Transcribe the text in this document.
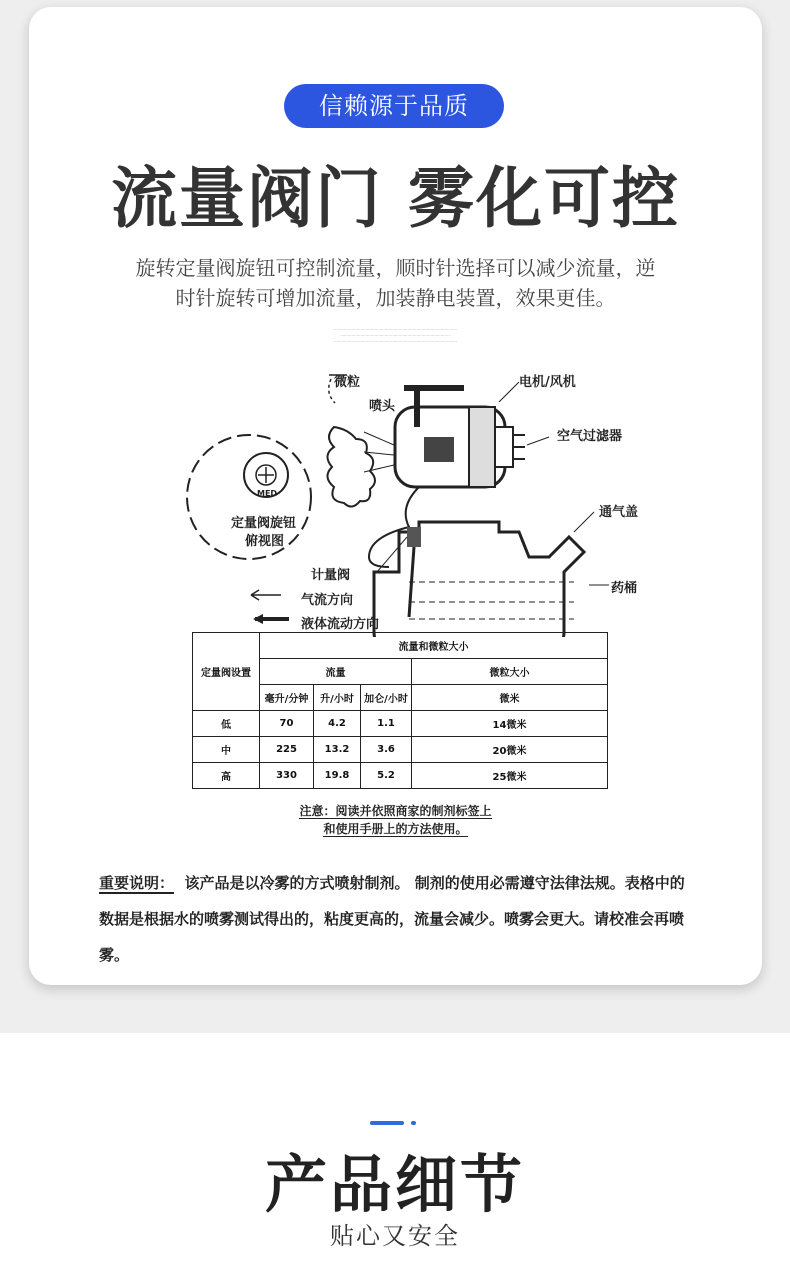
信赖源于品质
流量阀门 雾化可控
旋转定量阀旋钮可控制流量，顺时针选择可以减少流量，逆
时针旋转可增加流量，加装静电装置，效果更佳。
·································································································
·······················································································
·································································································
微粒
喷头
电机/风机
空气过滤器
通气盖
MED
定量阀旋钮
俯视图
计量阀
药桶
气流方向
液体流动方向
定量阀设置	流量和微粒大小			
	流量			微粒大小
	毫升/分钟	升/小时	加仑/小时	微米
低	70	4.2	1.1	14微米
中	225	13.2	3.6	20微米
高	330	19.8	5.2	25微米
注意：阅读并依照商家的制剂标签上
和使用手册上的方法使用。
重要说明： 该产品是以冷雾的方式喷射制剂。 制剂的使用必需遵守法律法规。表格中的数据是根据水的喷雾测试得出的，粘度更高的，流量会减少。喷雾会更大。请校准会再喷雾。
产品细节
贴心又安全
